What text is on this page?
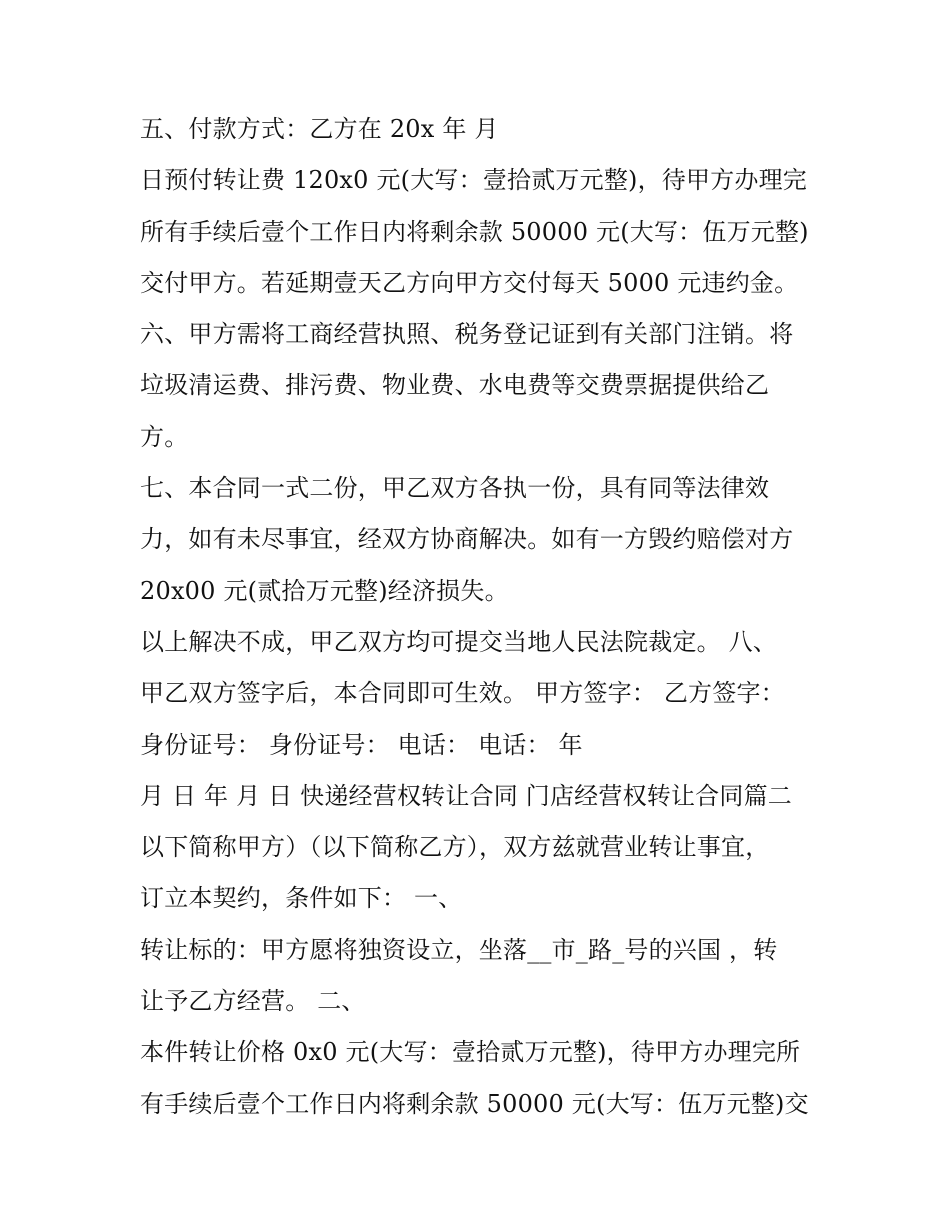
五、付款方式：乙方在 20x 年 月
日预付转让费 120x0 元(大写：壹拾贰万元整)，待甲方办理完
所有手续后壹个工作日内将剩余款 50000 元(大写：伍万元整)
交付甲方。若延期壹天乙方向甲方交付每天 5000 元违约金。
六、甲方需将工商经营执照、税务登记证到有关部门注销。将
垃圾清运费、排污费、物业费、水电费等交费票据提供给乙
方。
七、本合同一式二份，甲乙双方各执一份，具有同等法律效
力，如有未尽事宜，经双方协商解决。如有一方毁约赔偿对方
20x00 元(贰拾万元整)经济损失。
以上解决不成，甲乙双方均可提交当地人民法院裁定。 八、
甲乙双方签字后，本合同即可生效。 甲方签字： 乙方签字：
身份证号： 身份证号： 电话： 电话： 年
月 日 年 月 日 快递经营权转让合同 门店经营权转让合同篇二
以下简称甲方）（以下简称乙方），双方兹就营业转让事宜，
订立本契约，条件如下： 一、
转让标的：甲方愿将独资设立，坐落__市_路_号的兴国 ，转
让予乙方经营。 二、
本件转让价格 0x0 元(大写：壹拾贰万元整)，待甲方办理完所
有手续后壹个工作日内将剩余款 50000 元(大写：伍万元整)交
